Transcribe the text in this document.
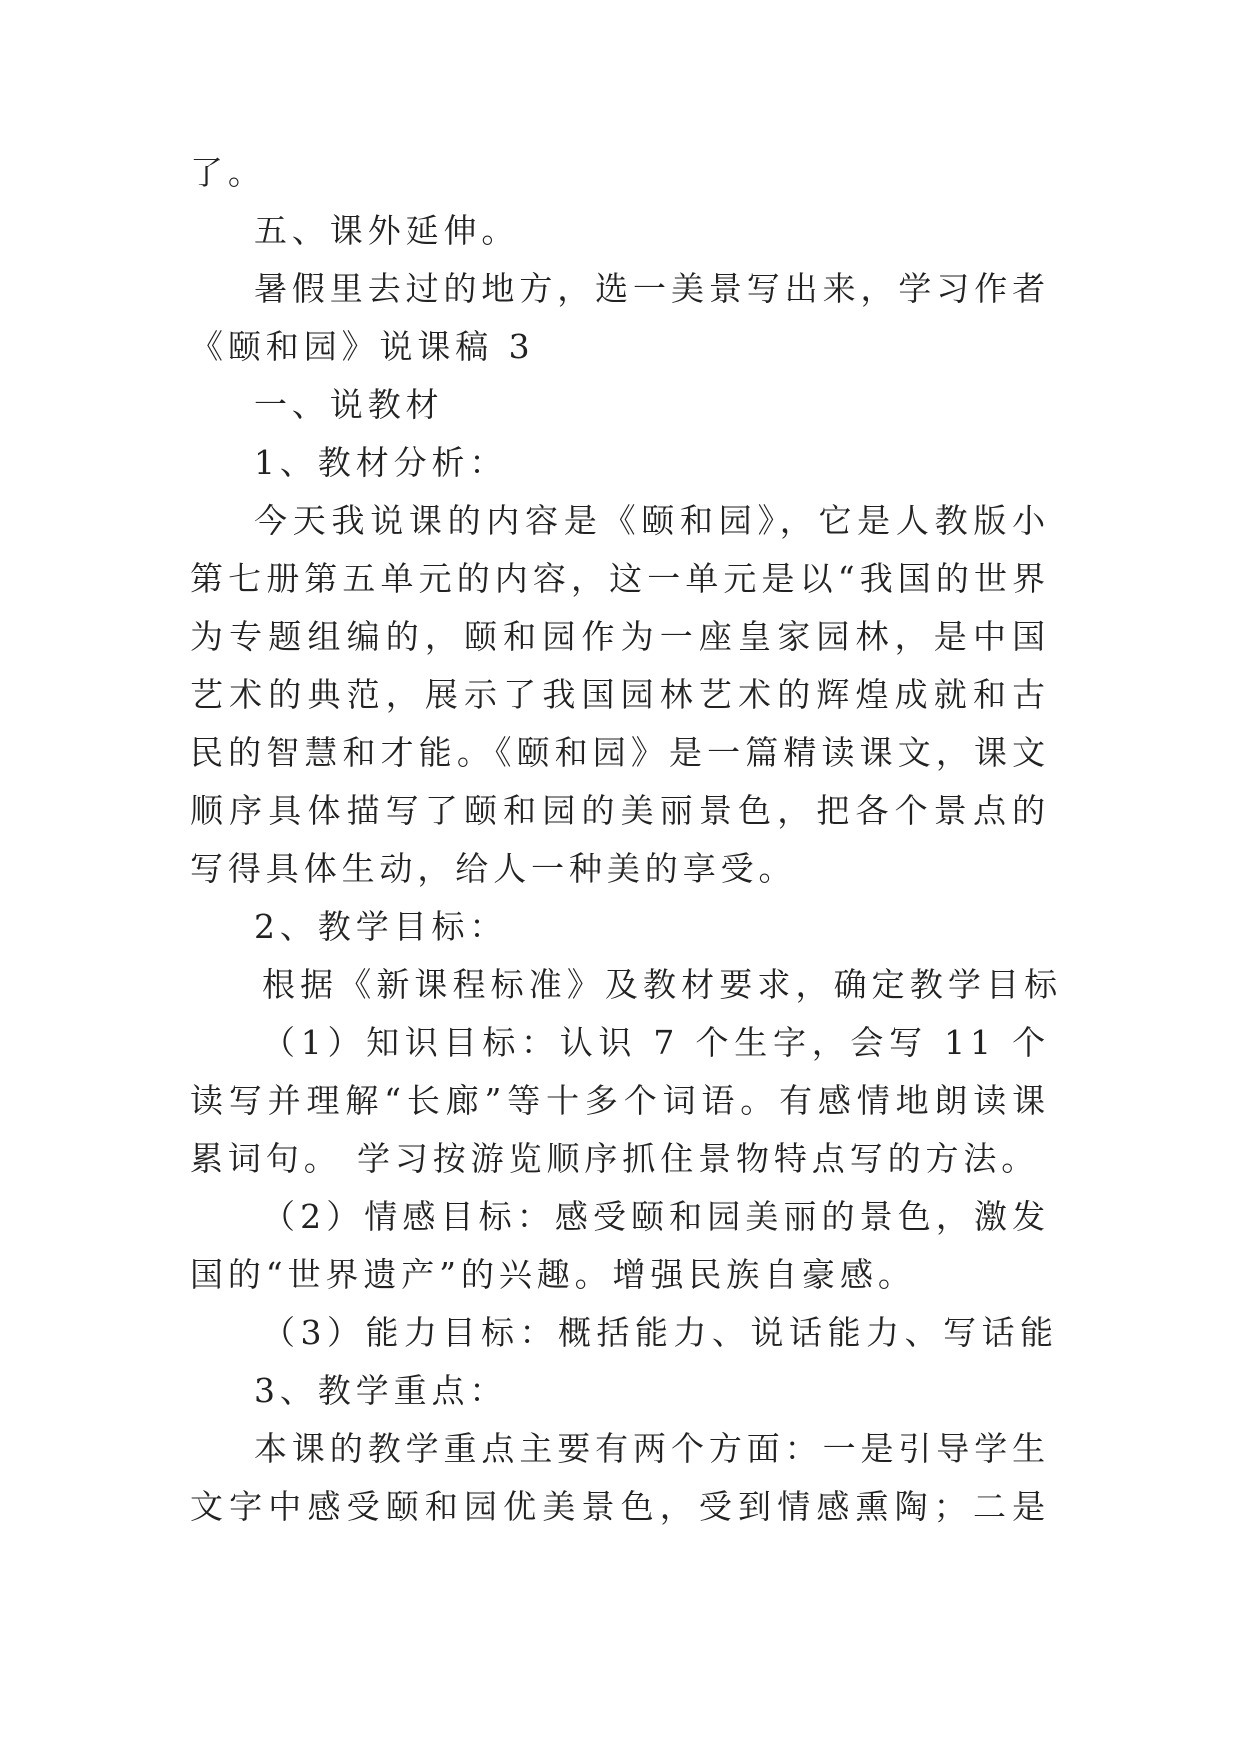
了。
五、课外延伸。
暑假里去过的地方，选一美景写出来，学习作者
《颐和园》说课稿 3
一、说教材
1、教材分析：
今天我说课的内容是《颐和园》，它是人教版小
第七册第五单元的内容，这一单元是以“我国的世界
为专题组编的，颐和园作为一座皇家园林，是中国
艺术的典范，展示了我国园林艺术的辉煌成就和古
民的智慧和才能。《颐和园》是一篇精读课文，课文
顺序具体描写了颐和园的美丽景色，把各个景点的
写得具体生动，给人一种美的享受。
2、教学目标：
根据《新课程标准》及教材要求，确定教学目标
（1）知识目标：认识 7 个生字，会写 11 个
读写并理解“长廊”等十多个词语。有感情地朗读课
累词句。 学习按游览顺序抓住景物特点写的方法。
（2）情感目标：感受颐和园美丽的景色，激发
国的“世界遗产”的兴趣。增强民族自豪感。
（3）能力目标：概括能力、说话能力、写话能
3、教学重点：
本课的教学重点主要有两个方面：一是引导学生
文字中感受颐和园优美景色，受到情感熏陶；二是
